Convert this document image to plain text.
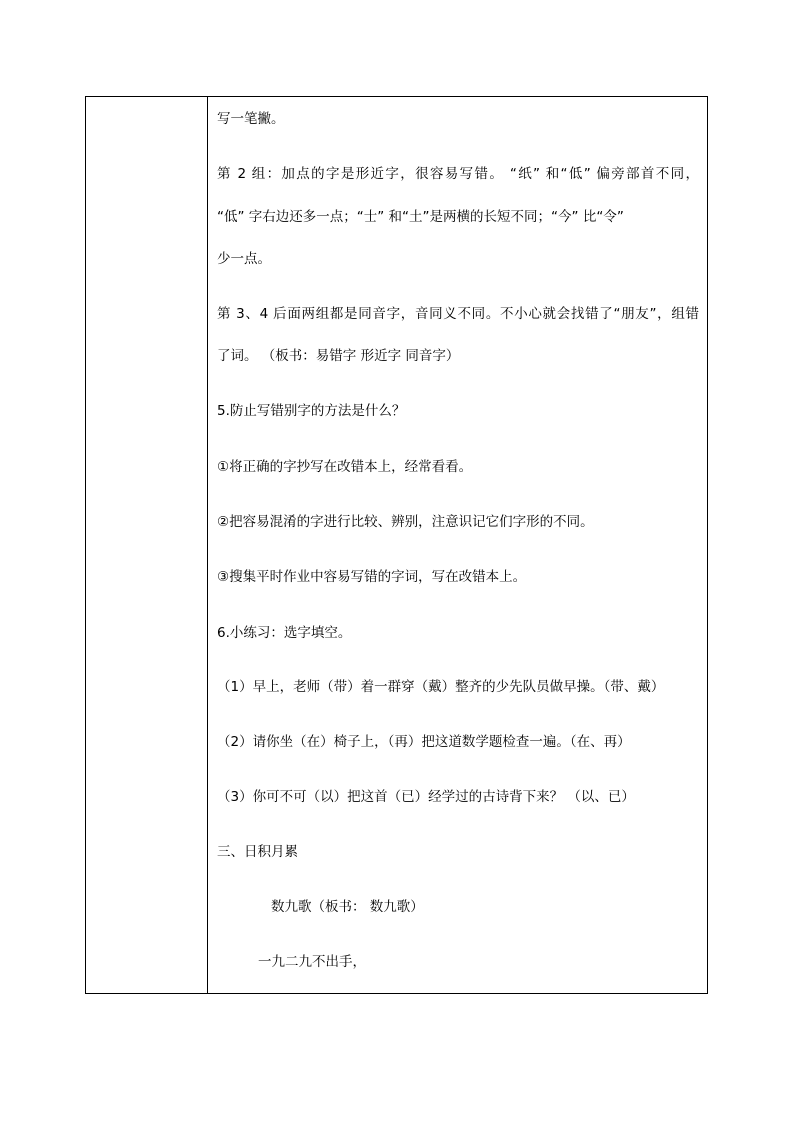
写一笔撇。
第 2 组：加点的字是形近字，很容易写错。 “纸” 和“低” 偏旁部首不同，
“低” 字右边还多一点；“士” 和“土”是两横的长短不同；“今” 比“令”
少一点。
第 3、4 后面两组都是同音字，音同义不同。不小心就会找错了“朋友”，组错
了词。 （板书：易错字 形近字 同音字）
5.防止写错别字的方法是什么？
①将正确的字抄写在改错本上，经常看看。
②把容易混淆的字进行比较、辨别，注意识记它们字形的不同。
③搜集平时作业中容易写错的字词，写在改错本上。
6.小练习：选字填空。
（1）早上，老师（带）着一群穿（戴）整齐的少先队员做早操。（带、戴）
（2）请你坐（在）椅子上，（再）把这道数学题检查一遍。（在、再）
（3）你可不可（以）把这首（已）经学过的古诗背下来？ （以、已）
三、日积月累
数九歌（板书： 数九歌）
一九二九不出手，
